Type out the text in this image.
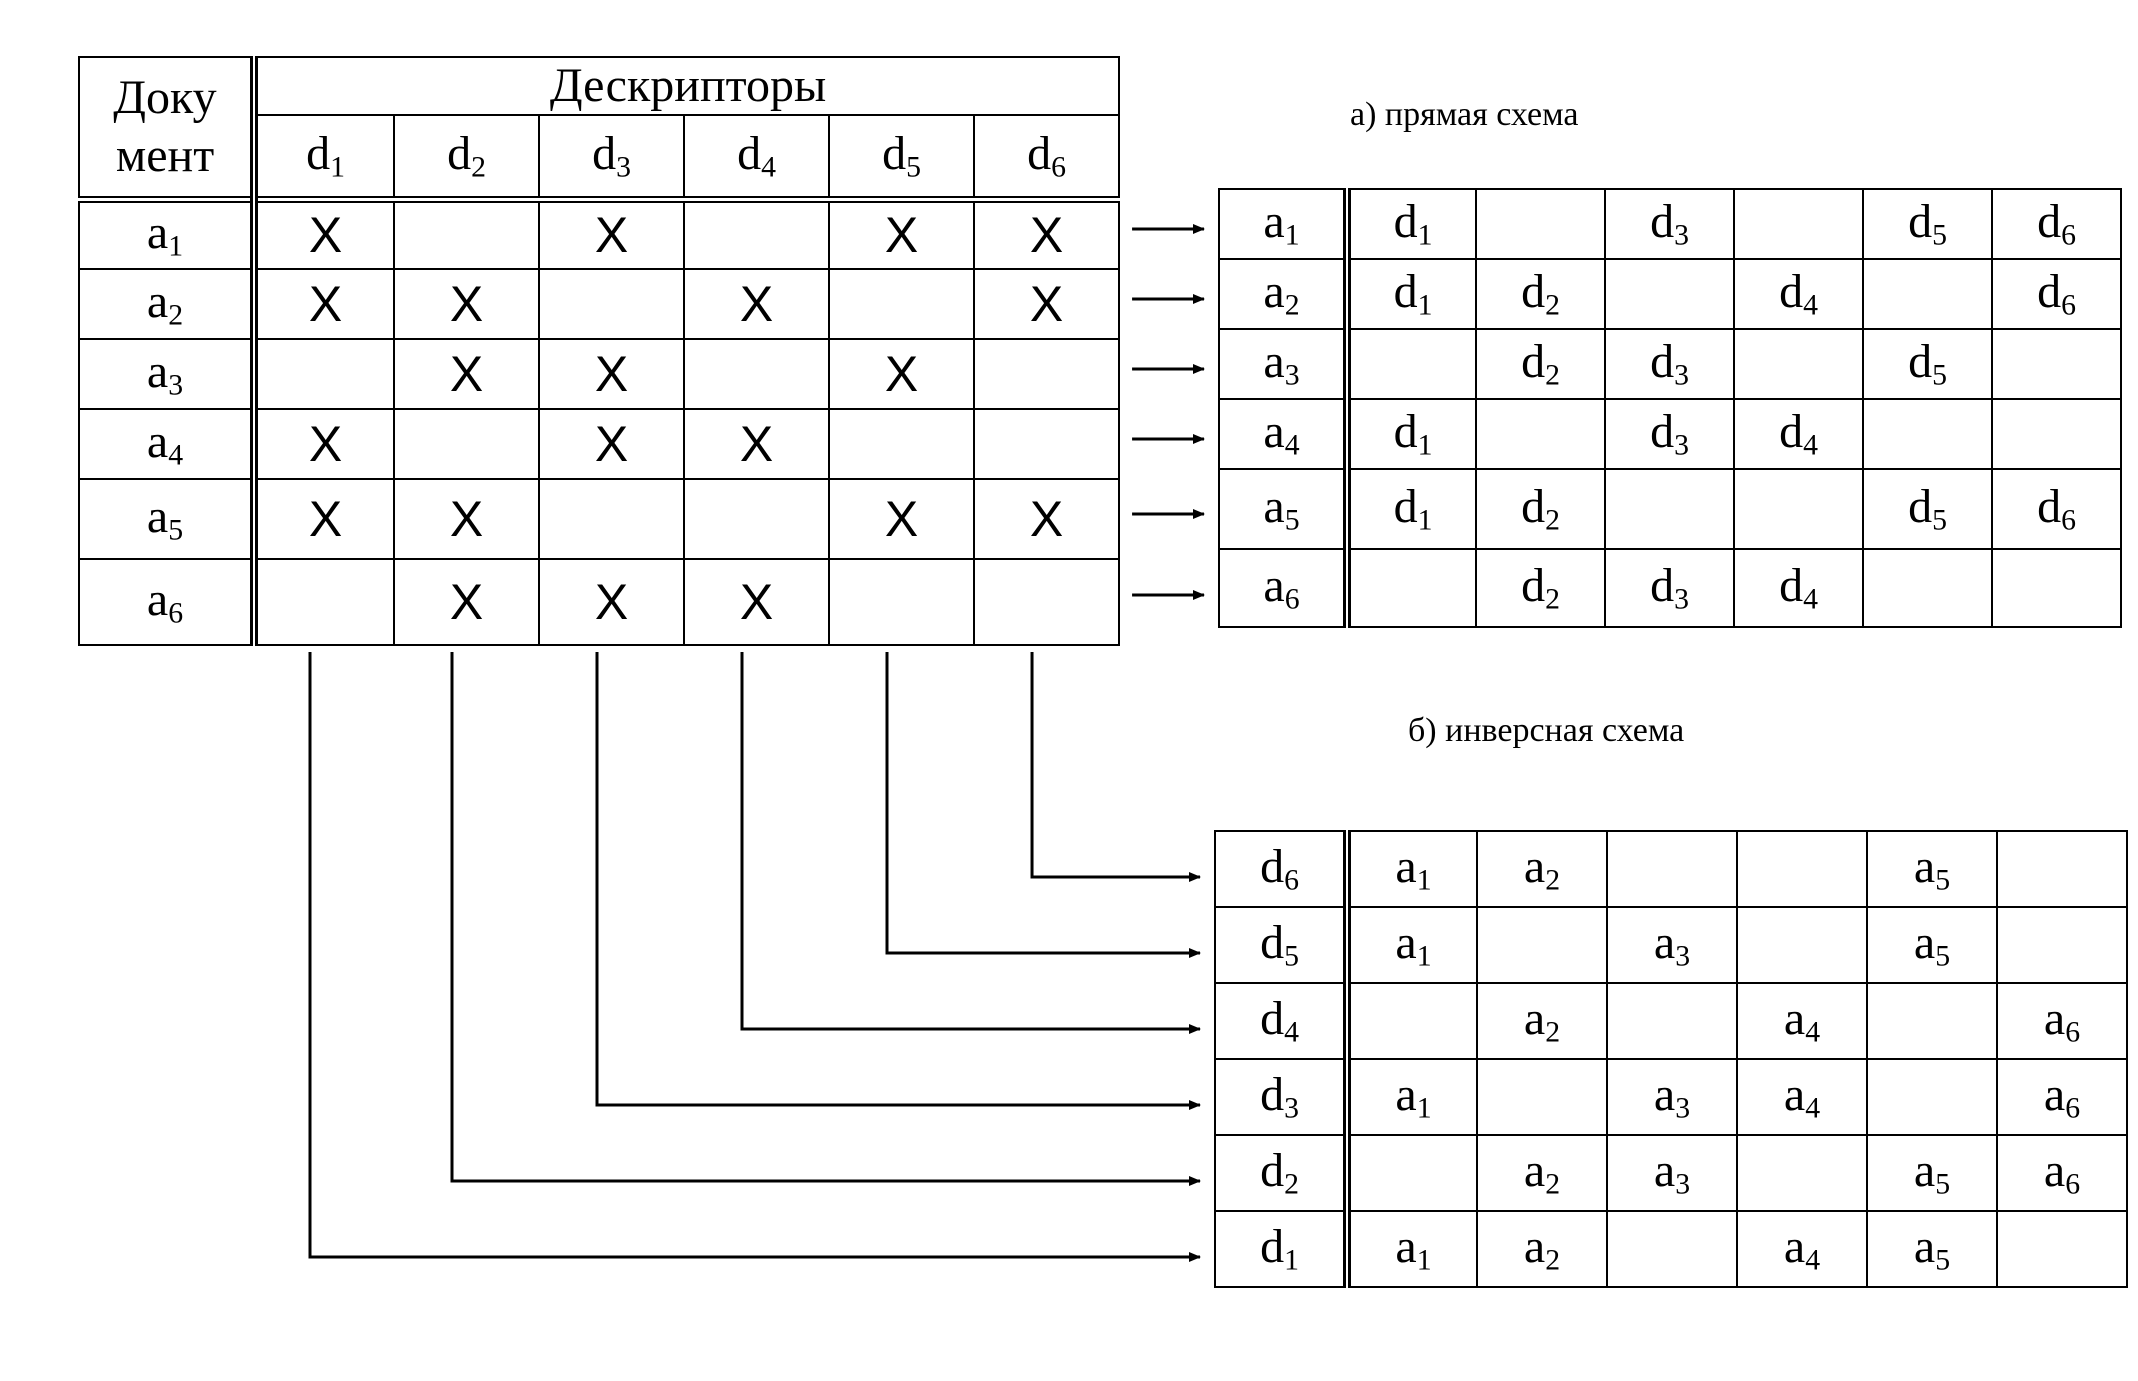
Доку
мент	Дескрипторы					
	$d_1$	$d_2$	$d_3$	$d_4$	$d_5$	$d_6$
$a_1$	X		X		X	X
$a_2$	X	X		X		X
$a_3$		X	X		X	
$a_4$	X		X	X		
$a_5$	X	X			X	X
$a_6$		X	X	X		
а) прямая схема
$a_1$	$d_1$		$d_3$		$d_5$	$d_6$
$a_2$	$d_1$	$d_2$		$d_4$		$d_6$
$a_3$		$d_2$	$d_3$		$d_5$	
$a_4$	$d_1$		$d_3$	$d_4$		
$a_5$	$d_1$	$d_2$			$d_5$	$d_6$
$a_6$		$d_2$	$d_3$	$d_4$		
б) инверсная схема
$d_6$	$a_1$	$a_2$			$a_5$	
$d_5$	$a_1$		$a_3$		$a_5$	
$d_4$		$a_2$		$a_4$		$a_6$
$d_3$	$a_1$		$a_3$	$a_4$		$a_6$
$d_2$		$a_2$	$a_3$		$a_5$	$a_6$
$d_1$	$a_1$	$a_2$		$a_4$	$a_5$	
